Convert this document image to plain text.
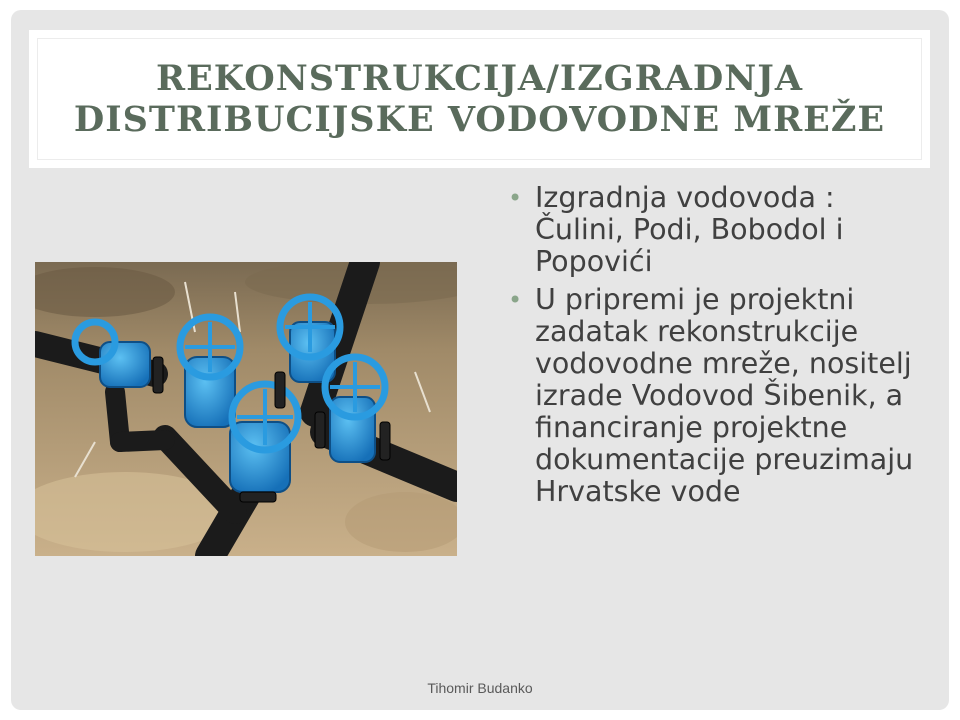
REKONSTRUKCIJA/IZGRADNJA
DISTRIBUCIJSKE VODOVODNE MREŽE
• Izgradnja vodovoda : Čulini, Podi, Bobodol i Popovići
• U pripremi je projektni zadatak rekonstrukcije vodovodne mreže, nositelj izrade Vodovod Šibenik, a financiranje projektne dokumentacije preuzimaju Hrvatske vode
Tihomir Budanko
